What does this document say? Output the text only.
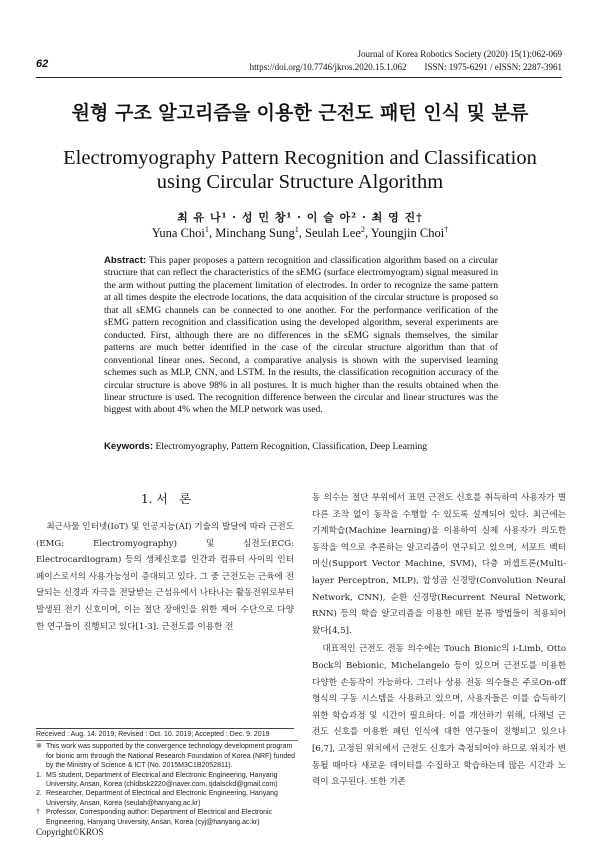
62
Journal of Korea Robotics Society (2020) 15(1):062-069
https://doi.org/10.7746/jkros.2020.15.1.062        ISSN: 1975-6291 / eISSN: 2287-3961
원형 구조 알고리즘을 이용한 근전도 패턴 인식 및 분류
Electromyography Pattern Recognition and Classification
using Circular Structure Algorithm
최 유 나¹ · 성 민 창¹ · 이 슬 아² · 최 영 진†
Yuna Choi$^1$, Minchang Sung$^1$, Seulah Lee$^2$, Youngjin Choi†
Abstract: This paper proposes a pattern recognition and classification algorithm based on a circular structure that can reflect the characteristics of the sEMG (surface electromyogram) signal measured in the arm without putting the placement limitation of electrodes. In order to recognize the same pattern at all times despite the electrode locations, the data acquisition of the circular structure is proposed so that all sEMG channels can be connected to one another. For the performance verification of the sEMG pattern recognition and classification using the developed algorithm, several experiments are conducted. First, although there are no differences in the sEMG signals themselves, the similar patterns are much better identified in the case of the circular structure algorithm than that of conventional linear ones. Second, a comparative analysis is shown with the supervised learning schemes such as MLP, CNN, and LSTM. In the results, the classification recognition accuracy of the circular structure is above 98% in all postures. It is much higher than the results obtained when the linear structure is used. The recognition difference between the circular and linear structures was the biggest with about 4% when the MLP network was used.
Keywords: Electromyography, Pattern Recognition, Classification, Deep Learning
1. 서   론
최근사물 인터넷(IoT) 및 인공지능(AI) 기술의 발달에 따라 근전도(EMG: Electromyography) 및 심전도(ECG: Electrocardiogram) 등의 생체신호를 인간과 컴퓨터 사이의 인터페이스로서의 사용가능성이 증대되고 있다. 그 중 근전도는 근육에 전달되는 신경과 자극을 전달받는 근섬유에서 나타나는 활동전위로부터 발생된 전기 신호이며, 이는 절단 장애인을 위한 제어 수단으로 다양한 연구들이 진행되고 있다[1-3]. 근전도를 이용한 전
동 의수는 절단 부위에서 표면 근전도 신호를 취득하여 사용자가 별다른 조작 없이 동작을 수행할 수 있도록 설계되어 있다. 최근에는 기계학습(Machine learning)을 이용하여 실제 사용자가 의도한 동작을 역으로 추론하는 알고리즘이 연구되고 있으며, 서포트 벡터 머신(Support Vector Machine, SVM), 다층 퍼셉트론(Multi-layer Perceptron, MLP), 합성곱 신경망(Convolution Neural Network, CNN), 순환 신경망(Recurrent Neural Network, RNN) 등의 학습 알고리즘을 이용한 패턴 분류 방법들이 적용되어 왔다[4,5].
대표적인 근전도 전동 의수에는 Touch Bionic의 i-Limb, Otto Bock의 Bebionic, Michelangelo 등이 있으며 근전도를 이용한 다양한 손동작이 가능하다. 그러나 상용 전동 의수들은 주로On-off 형식의 구동 시스템을 사용하고 있으며, 사용자들은 이를 습득하기 위한 학습과정 및 시간이 필요하다. 이를 개선하기 위해, 다채널 근전도 신호를 이용한 패턴 인식에 대한 연구들이 진행되고 있으나[6,7], 고정된 위치에서 근전도 신호가 측정되어야 하므로 위치가 변동될 때마다 새로운 데이터를 수집하고 학습하는데 많은 시간과 노력이 요구된다. 또한 기존
Received : Aug. 14. 2019; Revised : Oct. 10. 2019; Accepted : Dec. 9. 2019
※ This work was supported by the convergence technology development program for bionic arm through the National Research Foundation of Korea (NRF) funded by the Ministry of Science & ICT (No. 2015M3C1B2052811).
1. MS student, Department of Electrical and Electronic Engineering, Hanyang University, Ansan, Korea (chldbsk2220@naver.com, tjdalsckd@gmail.com)
2. Researcher, Department of Electrical and Electronic Engineering, Hanyang University, Ansan, Korea (seulah@hanyang.ac.kr)
† Professor, Corresponding author: Department of Electrical and Electronic Engineering, Hanyang University, Ansan, Korea (cyj@hanyang.ac.kr)
Copyright©KROS
